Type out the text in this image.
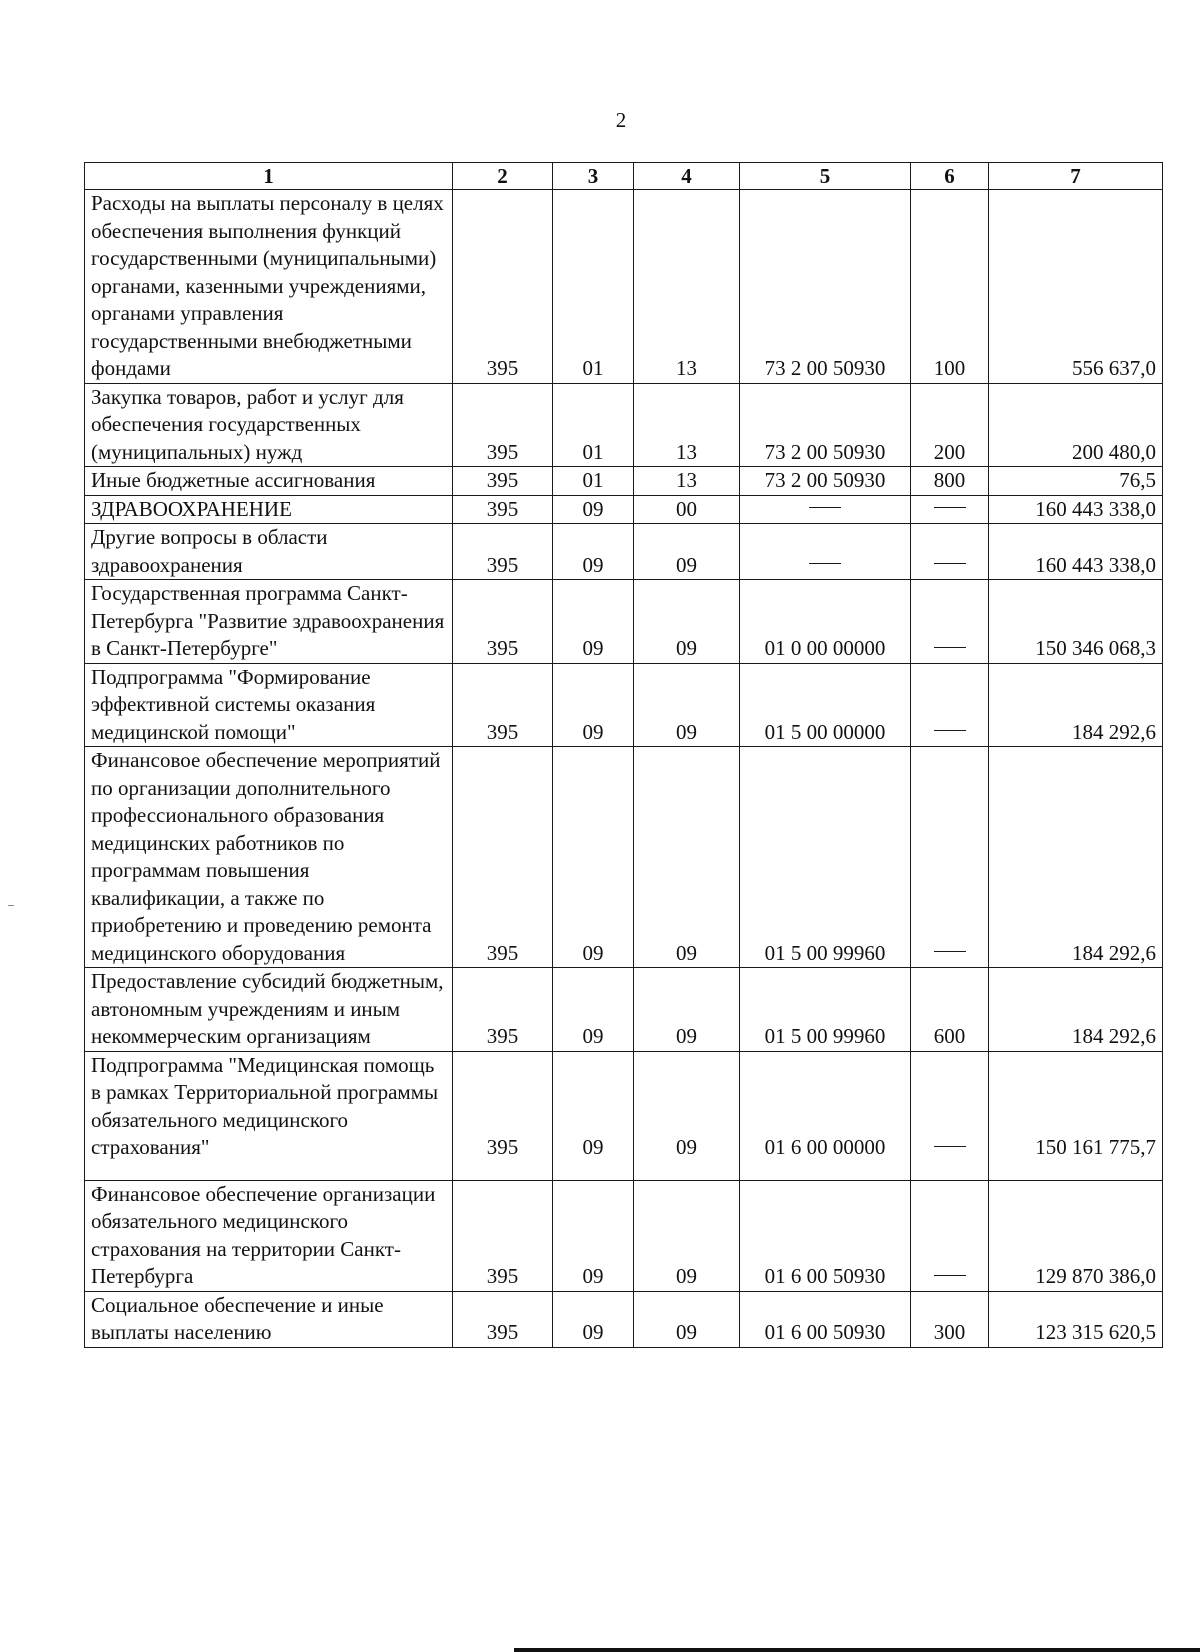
2
1	2	3	4	5	6	7
Расходы на выплаты персоналу в целях обеспечения выполнения функций государственными (муниципальными) органами, казенными учреждениями, органами управления государственными внебюджетными фондами	395	01	13	73 2 00 50930	100	556 637,0
Закупка товаров, работ и услуг для обеспечения государственных (муниципальных) нужд	395	01	13	73 2 00 50930	200	200 480,0
Иные бюджетные ассигнования	395	01	13	73 2 00 50930	800	76,5
ЗДРАВООХРАНЕНИЕ	395	09	00			160 443 338,0
Другие вопросы в области здравоохранения	395	09	09			160 443 338,0
Государственная программа Санкт-Петербурга "Развитие здравоохранения в Санкт-Петербурге"	395	09	09	01 0 00 00000		150 346 068,3
Подпрограмма "Формирование эффективной системы оказания медицинской помощи"	395	09	09	01 5 00 00000		184 292,6
Финансовое обеспечение мероприятий по организации дополнительного профессионального образования медицинских работников по программам повышения квалификации, а также по приобретению и проведению ремонта медицинского оборудования	395	09	09	01 5 00 99960		184 292,6
Предоставление субсидий бюджетным, автономным учреждениям и иным некоммерческим организациям	395	09	09	01 5 00 99960	600	184 292,6
Подпрограмма "Медицинская помощь в рамках Территориальной программы обязательного медицинского страхования"	395	09	09	01 6 00 00000		150 161 775,7
Финансовое обеспечение организации обязательного медицинского страхования на территории Санкт-Петербурга	395	09	09	01 6 00 50930		129 870 386,0
Социальное обеспечение и иные выплаты населению	395	09	09	01 6 00 50930	300	123 315 620,5
